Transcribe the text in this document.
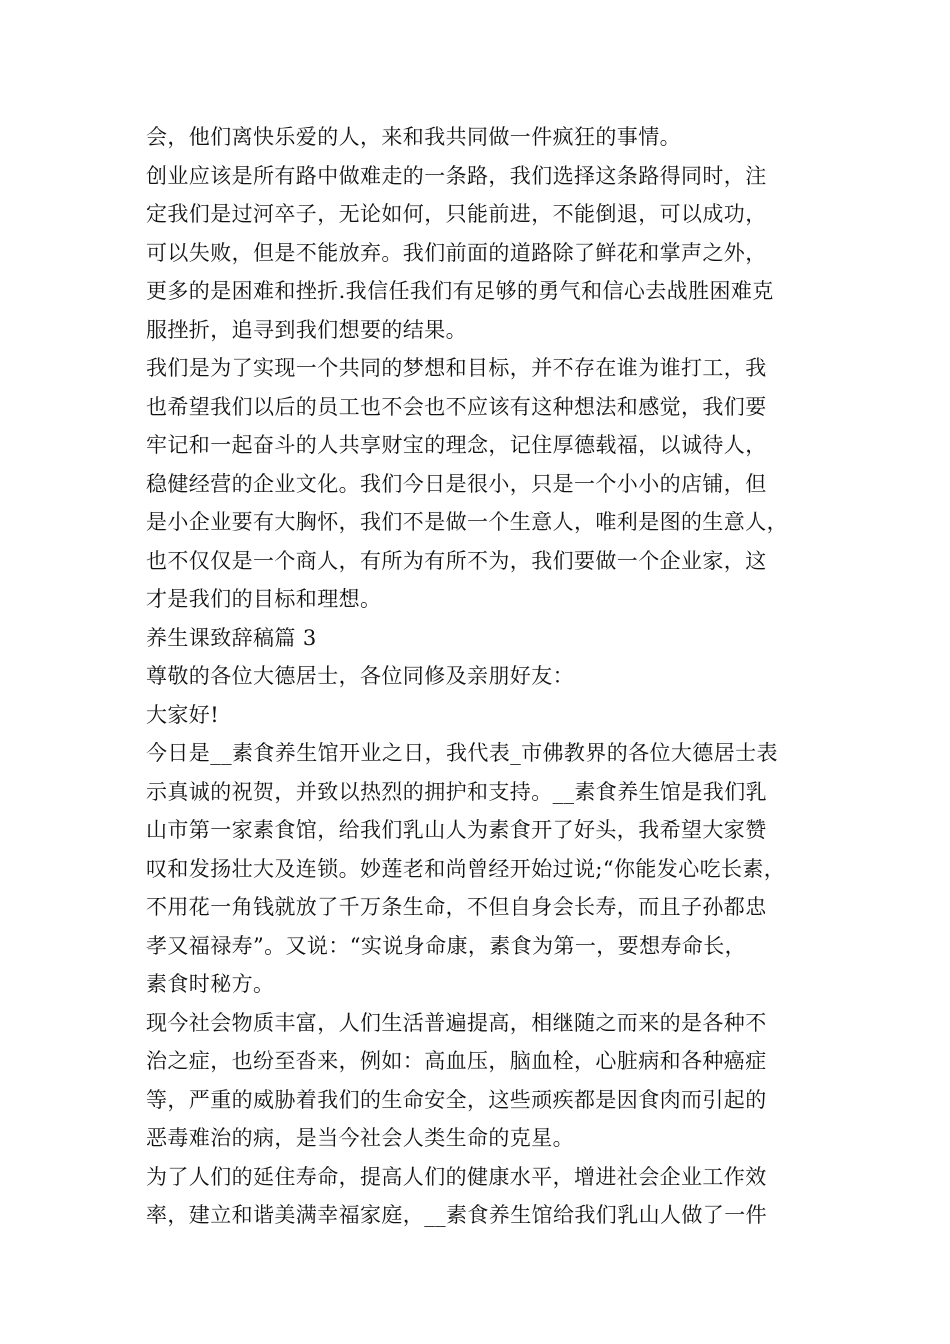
会，他们离快乐爱的人，来和我共同做一件疯狂的事情。
创业应该是所有路中做难走的一条路，我们选择这条路得同时，注
定我们是过河卒子，无论如何，只能前进，不能倒退，可以成功，
可以失败，但是不能放弃。我们前面的道路除了鲜花和掌声之外，
更多的是困难和挫折.我信任我们有足够的勇气和信心去战胜困难克
服挫折，追寻到我们想要的结果。
我们是为了实现一个共同的梦想和目标，并不存在谁为谁打工，我
也希望我们以后的员工也不会也不应该有这种想法和感觉，我们要
牢记和一起奋斗的人共享财宝的理念，记住厚德载福，以诚待人，
稳健经营的企业文化。我们今日是很小，只是一个小小的店铺，但
是小企业要有大胸怀，我们不是做一个生意人，唯利是图的生意人，
也不仅仅是一个商人，有所为有所不为，我们要做一个企业家，这
才是我们的目标和理想。
养生课致辞稿篇 3
尊敬的各位大德居士，各位同修及亲朋好友：
大家好!
今日是__素食养生馆开业之日，我代表_市佛教界的各位大德居士表
示真诚的祝贺，并致以热烈的拥护和支持。__素食养生馆是我们乳
山市第一家素食馆，给我们乳山人为素食开了好头，我希望大家赞
叹和发扬壮大及连锁。妙莲老和尚曾经开始过说;“你能发心吃长素，
不用花一角钱就放了千万条生命，不但自身会长寿，而且子孙都忠
孝又福禄寿”。又说：“实说身命康，素食为第一，要想寿命长，
素食时秘方。
现今社会物质丰富，人们生活普遍提高，相继随之而来的是各种不
治之症，也纷至沓来，例如：高血压，脑血栓，心脏病和各种癌症
等，严重的威胁着我们的生命安全，这些顽疾都是因食肉而引起的
恶毒难治的病，是当今社会人类生命的克星。
为了人们的延住寿命，提高人们的健康水平，增进社会企业工作效
率，建立和谐美满幸福家庭，__素食养生馆给我们乳山人做了一件
